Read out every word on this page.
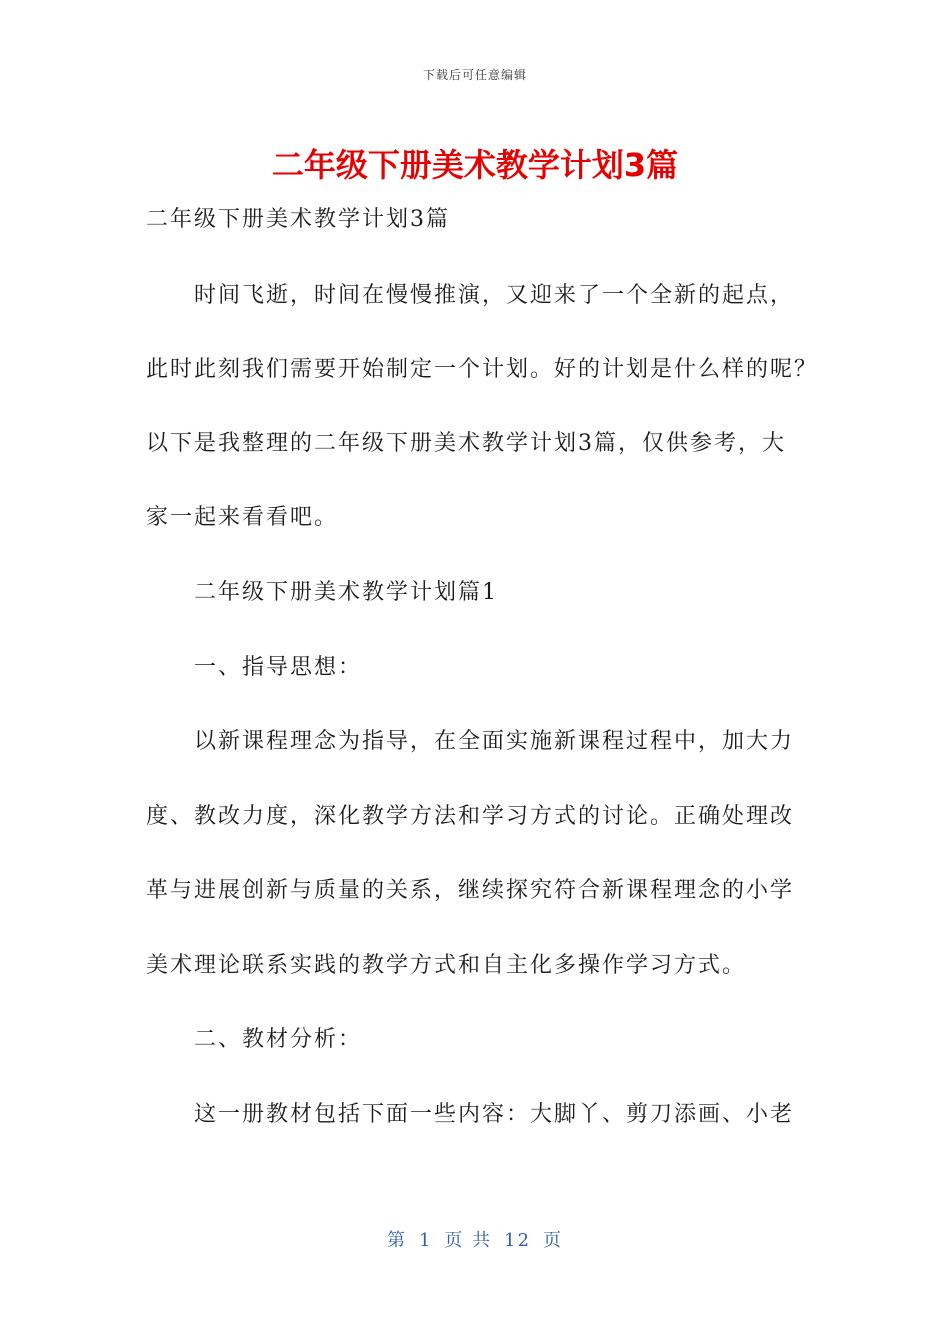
下载后可任意编辑
二年级下册美术教学计划3篇
二年级下册美术教学计划3篇
时间飞逝，时间在慢慢推演，又迎来了一个全新的起点，
此时此刻我们需要开始制定一个计划。好的计划是什么样的呢？
以下是我整理的二年级下册美术教学计划3篇，仅供参考，大
家一起来看看吧。
二年级下册美术教学计划篇1
一、指导思想：
以新课程理念为指导，在全面实施新课程过程中，加大力
度、教改力度，深化教学方法和学习方式的讨论。正确处理改
革与进展创新与质量的关系，继续探究符合新课程理念的小学
美术理论联系实践的教学方式和自主化多操作学习方式。
二、教材分析：
这一册教材包括下面一些内容：大脚丫、剪刀添画、小老
第 1 页 共 12 页
